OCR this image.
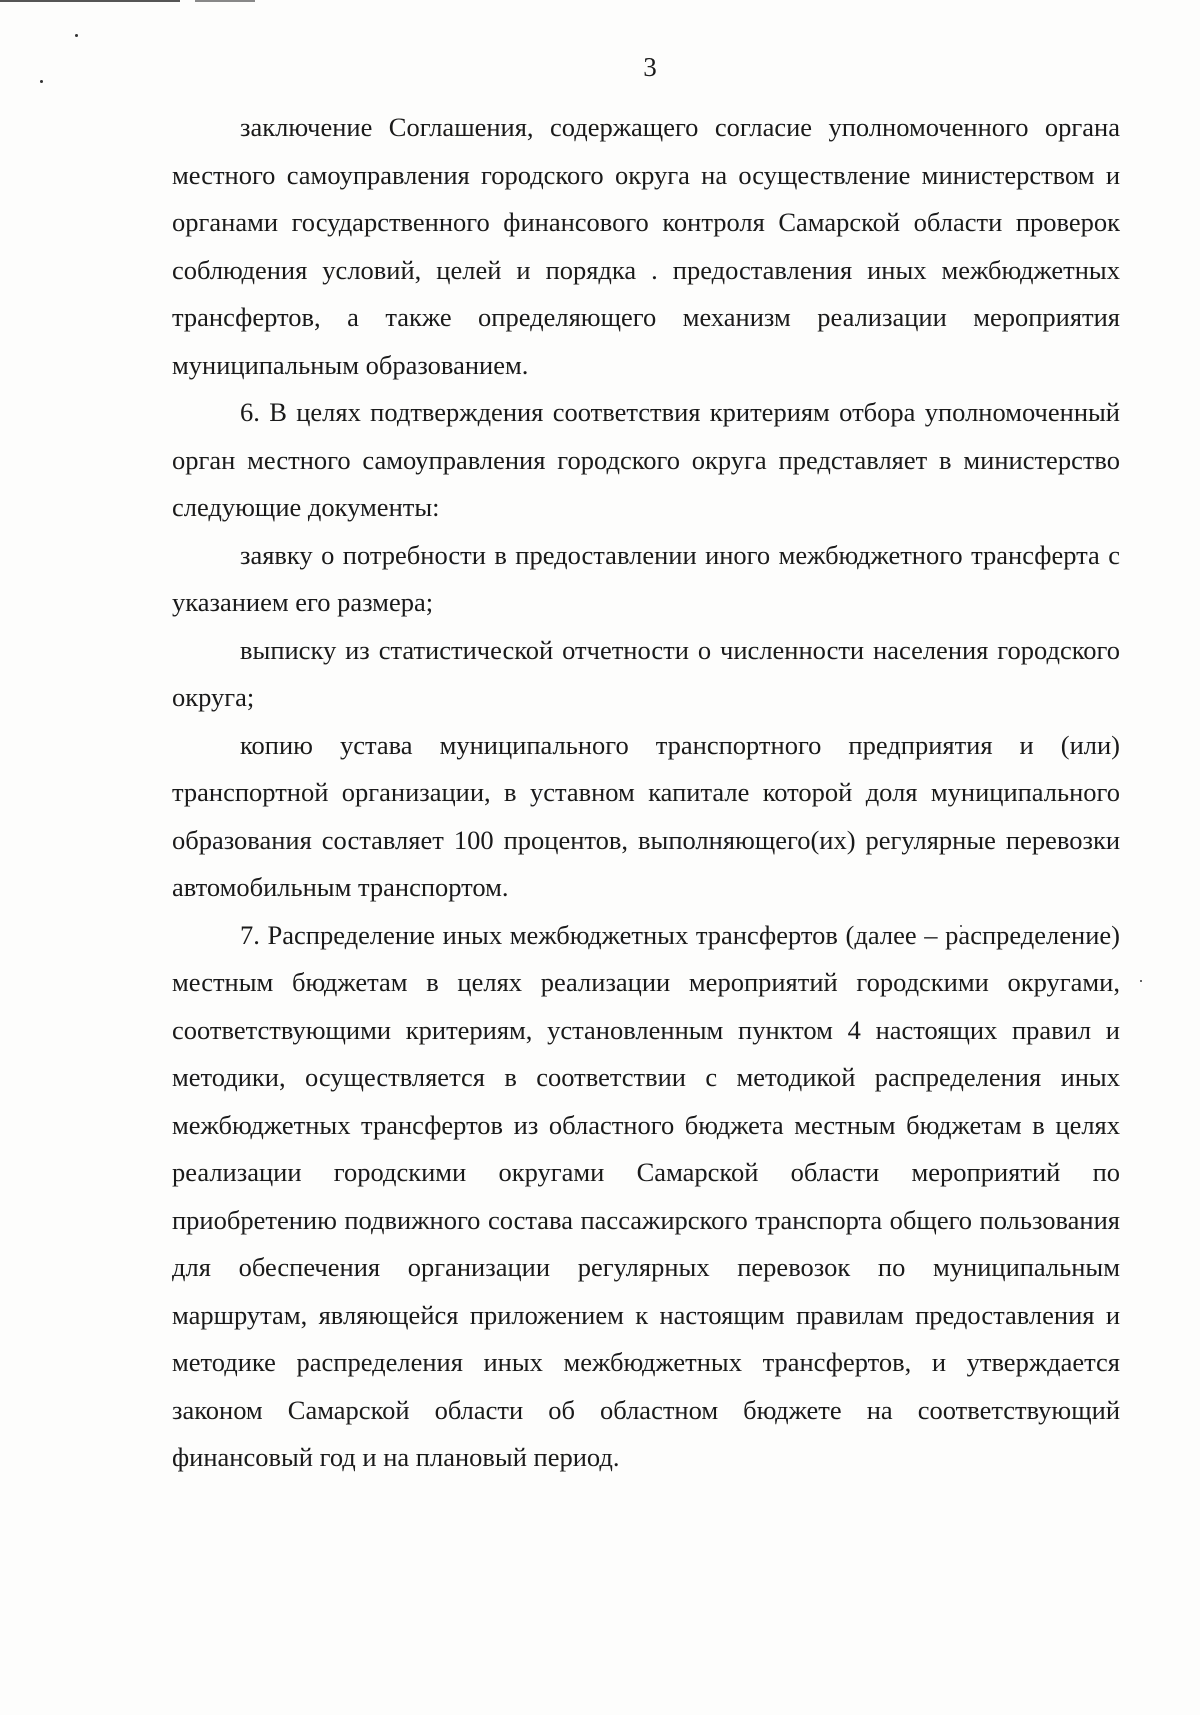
3

заключение Соглашения, содержащего согласие уполномоченного органа местного самоуправления городского округа на осуществление министерством и органами государственного финансового контроля Самарской области проверок соблюдения условий, целей и порядка . предоставления иных межбюджетных трансфертов, а также определяющего механизм реализации мероприятия муниципальным образованием.

6. В целях подтверждения соответствия критериям отбора уполномоченный орган местного самоуправления городского округа представляет в министерство следующие документы:

заявку о потребности в предоставлении иного межбюджетного трансферта с указанием его размера;

выписку из статистической отчетности о численности населения городского округа;

копию устава муниципального транспортного предприятия и (или) транспортной организации, в уставном капитале которой доля муниципального образования составляет 100 процентов, выполняющего(их) регулярные перевозки автомобильным транспортом.

7. Распределение иных межбюджетных трансфертов (далее – распределение) местным бюджетам в целях реализации мероприятий городскими округами, соответствующими критериям, установленным пунктом 4 настоящих правил и методики, осуществляется в соответствии с методикой распределения иных межбюджетных трансфертов из областного бюджета местным бюджетам в целях реализации городскими округами Самарской области мероприятий по приобретению подвижного состава пассажирского транспорта общего пользования для обеспечения организации регулярных перевозок по муниципальным маршрутам, являющейся приложением к настоящим правилам предоставления и методике распределения иных межбюджетных трансфертов, и утверждается законом Самарской области об областном бюджете на соответствующий финансовый год и на плановый период.
